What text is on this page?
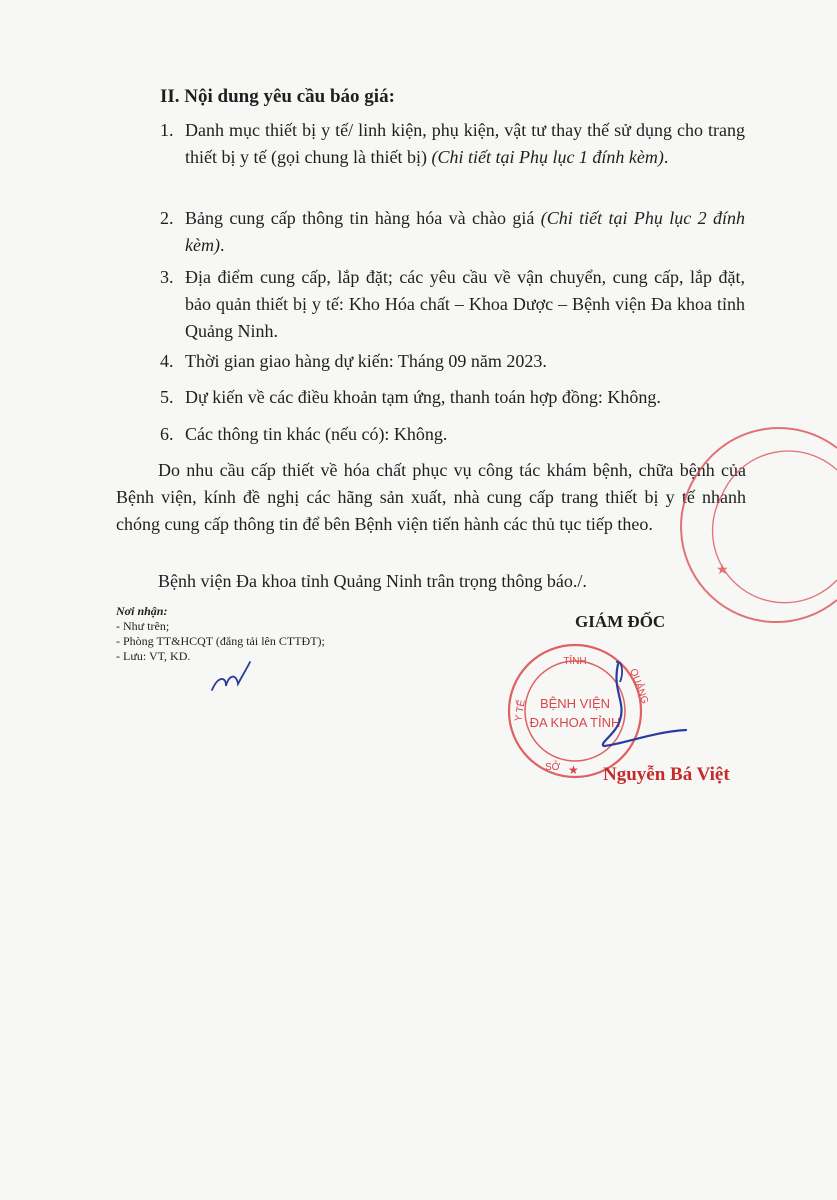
II. Nội dung yêu cầu báo giá:
1. Danh mục thiết bị y tế/ linh kiện, phụ kiện, vật tư thay thế sử dụng cho trang thiết bị y tế (gọi chung là thiết bị) (Chi tiết tại Phụ lục 1 đính kèm).
2. Bảng cung cấp thông tin hàng hóa và chào giá (Chi tiết tại Phụ lục 2 đính kèm).
3. Địa điểm cung cấp, lắp đặt; các yêu cầu về vận chuyển, cung cấp, lắp đặt, bảo quản thiết bị y tế: Kho Hóa chất – Khoa Dược – Bệnh viện Đa khoa tỉnh Quảng Ninh.
4. Thời gian giao hàng dự kiến: Tháng 09 năm 2023.
5. Dự kiến về các điều khoản tạm ứng, thanh toán hợp đồng: Không.
6. Các thông tin khác (nếu có): Không.

Do nhu cầu cấp thiết về hóa chất phục vụ công tác khám bệnh, chữa bệnh của Bệnh viện, kính đề nghị các hãng sản xuất, nhà cung cấp trang thiết bị y tế nhanh chóng cung cấp thông tin để bên Bệnh viện tiến hành các thủ tục tiếp theo.

Bệnh viện Đa khoa tỉnh Quảng Ninh trân trọng thông báo./.

Nơi nhận:
- Như trên;
- Phòng TT&HCQT (đăng tải lên CTTĐT);
- Lưu: VT, KD.

GIÁM ĐỐC

★
TỈNH
Y TẾ
QUẢNG
BỆNH VIỆN
ĐA KHOA TỈNH
SỞ ★ Nguyễn Bá Việt
